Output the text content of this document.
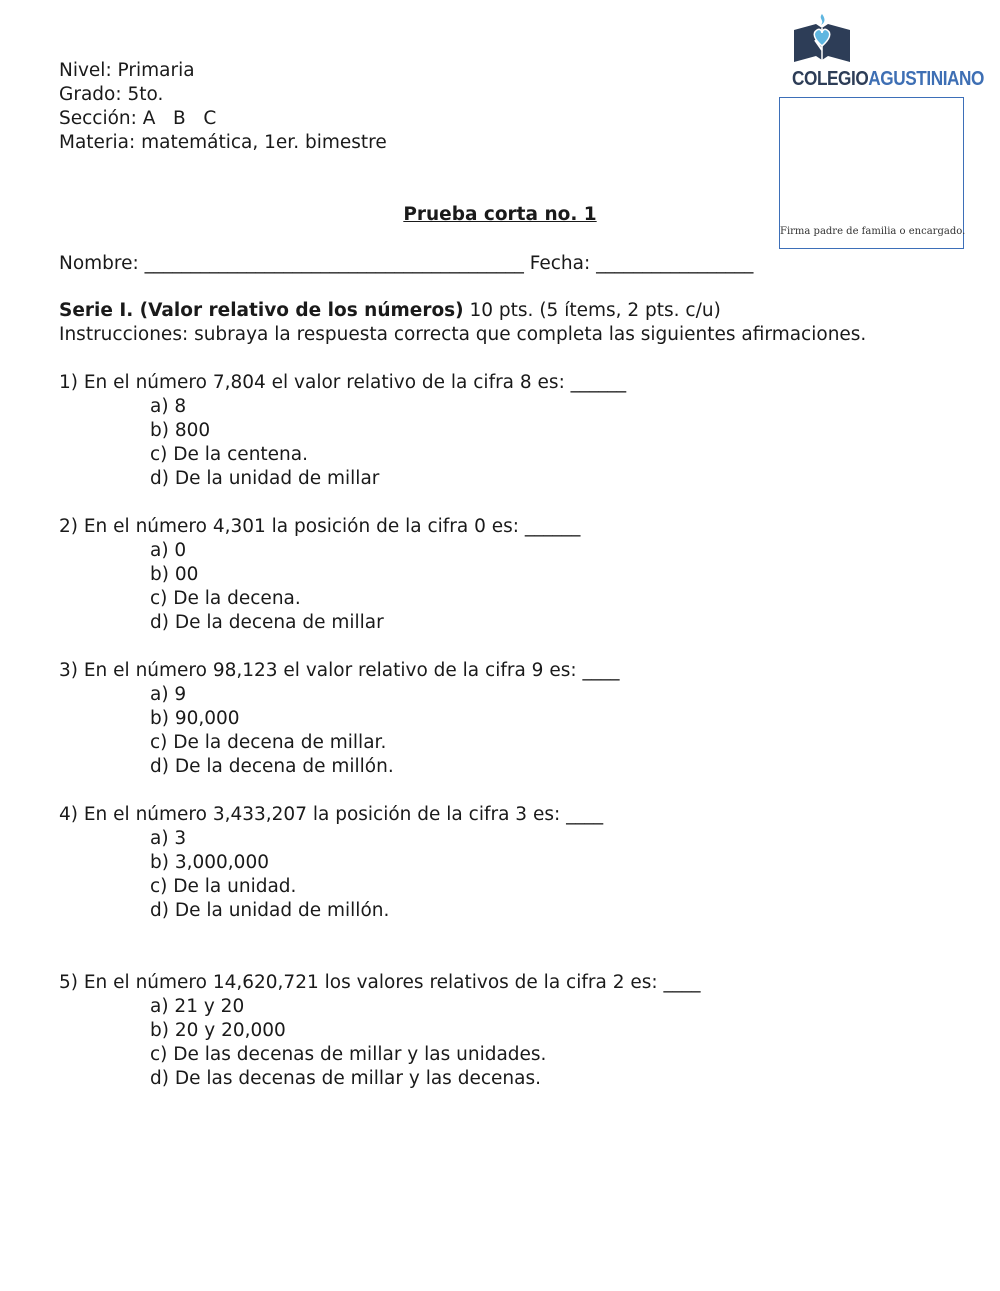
Nivel: Primaria
Grado: 5to.
Sección: A   B   C
Materia: matemática, 1er. bimestre
COLEGIOAGUSTINIANO
Firma padre de familia o encargado.
Prueba corta no. 1
Nombre: _________________________________________ Fecha: _________________
Serie I. (Valor relativo de los números) 10 pts. (5 ítems, 2 pts. c/u)
Instrucciones: subraya la respuesta correcta que completa las siguientes afirmaciones.
1) En el número 7,804 el valor relativo de la cifra 8 es: ______
a) 8
b) 800
c) De la centena.
d) De la unidad de millar
2) En el número 4,301 la posición de la cifra 0 es: ______
a) 0
b) 00
c) De la decena.
d) De la decena de millar
3) En el número 98,123 el valor relativo de la cifra 9 es: ____
a) 9
b) 90,000
c) De la decena de millar.
d) De la decena de millón.
4) En el número 3,433,207 la posición de la cifra 3 es: ____
a) 3
b) 3,000,000
c) De la unidad.
d) De la unidad de millón.
5) En el número 14,620,721 los valores relativos de la cifra 2 es: ____
a) 21 y 20
b) 20 y 20,000
c) De las decenas de millar y las unidades.
d) De las decenas de millar y las decenas.
